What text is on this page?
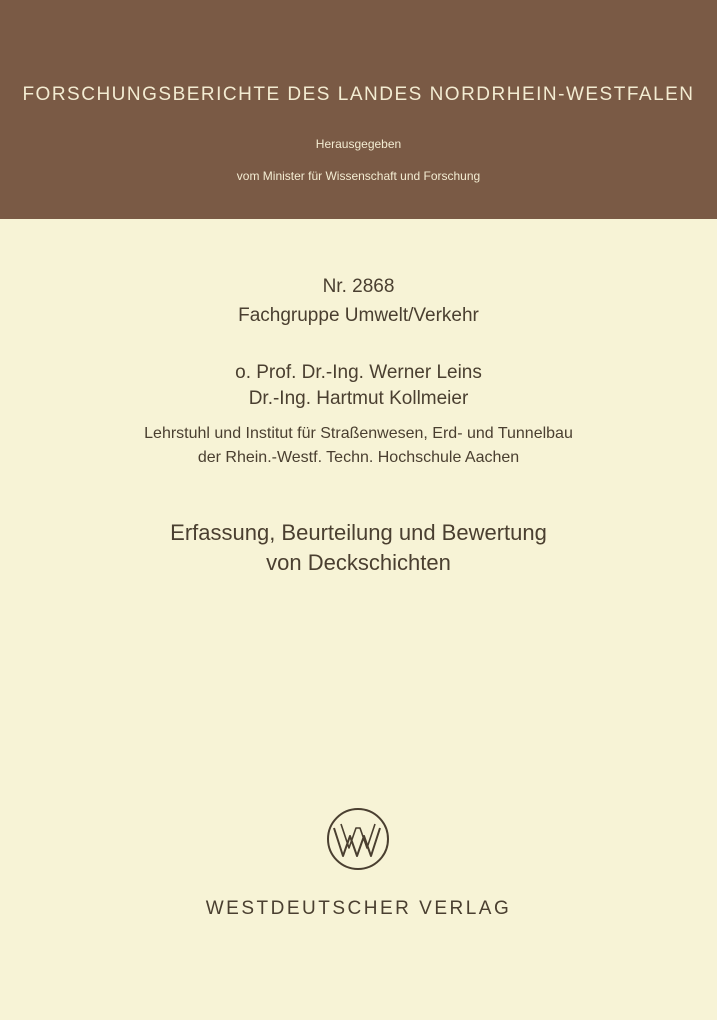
FORSCHUNGSBERICHTE DES LANDES NORDRHEIN-WESTFALEN
Herausgegeben
vom Minister für Wissenschaft und Forschung
Nr. 2868
Fachgruppe Umwelt/Verkehr
o. Prof. Dr.-Ing. Werner Leins
Dr.-Ing. Hartmut Kollmeier
Lehrstuhl und Institut für Straßenwesen, Erd- und Tunnelbau
der Rhein.-Westf. Techn. Hochschule Aachen
Erfassung, Beurteilung und Bewertung
von Deckschichten
WESTDEUTSCHER VERLAG
